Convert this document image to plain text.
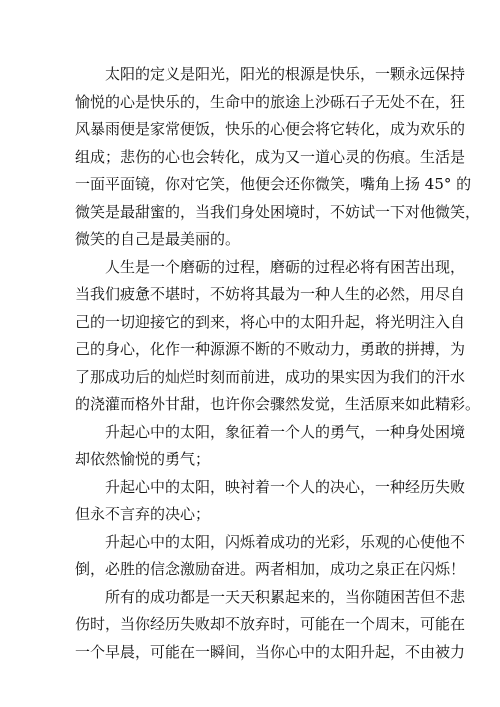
太阳的定义是阳光，阳光的根源是快乐，一颗永远保持
愉悦的心是快乐的，生命中的旅途上沙砾石子无处不在，狂
风暴雨便是家常便饭，快乐的心便会将它转化，成为欢乐的
组成；悲伤的心也会转化，成为又一道心灵的伤痕。生活是
一面平面镜，你对它笑，他便会还你微笑，嘴角上扬 45° 的
微笑是最甜蜜的，当我们身处困境时，不妨试一下对他微笑，
微笑的自己是最美丽的。
人生是一个磨砺的过程，磨砺的过程必将有困苦出现，
当我们疲惫不堪时，不妨将其最为一种人生的必然，用尽自
己的一切迎接它的到来，将心中的太阳升起，将光明注入自
己的身心，化作一种源源不断的不败动力，勇敢的拼搏，为
了那成功后的灿烂时刻而前进，成功的果实因为我们的汗水
的浇灌而格外甘甜，也许你会骤然发觉，生活原来如此精彩。
升起心中的太阳，象征着一个人的勇气，一种身处困境
却依然愉悦的勇气；
升起心中的太阳，映衬着一个人的决心，一种经历失败
但永不言弃的决心；
升起心中的太阳，闪烁着成功的光彩，乐观的心使他不
倒，必胜的信念激励奋进。两者相加，成功之泉正在闪烁！
所有的成功都是一天天积累起来的，当你随困苦但不悲
伤时，当你经历失败却不放弃时，可能在一个周末，可能在
一个早晨，可能在一瞬间，当你心中的太阳升起，不由被力
